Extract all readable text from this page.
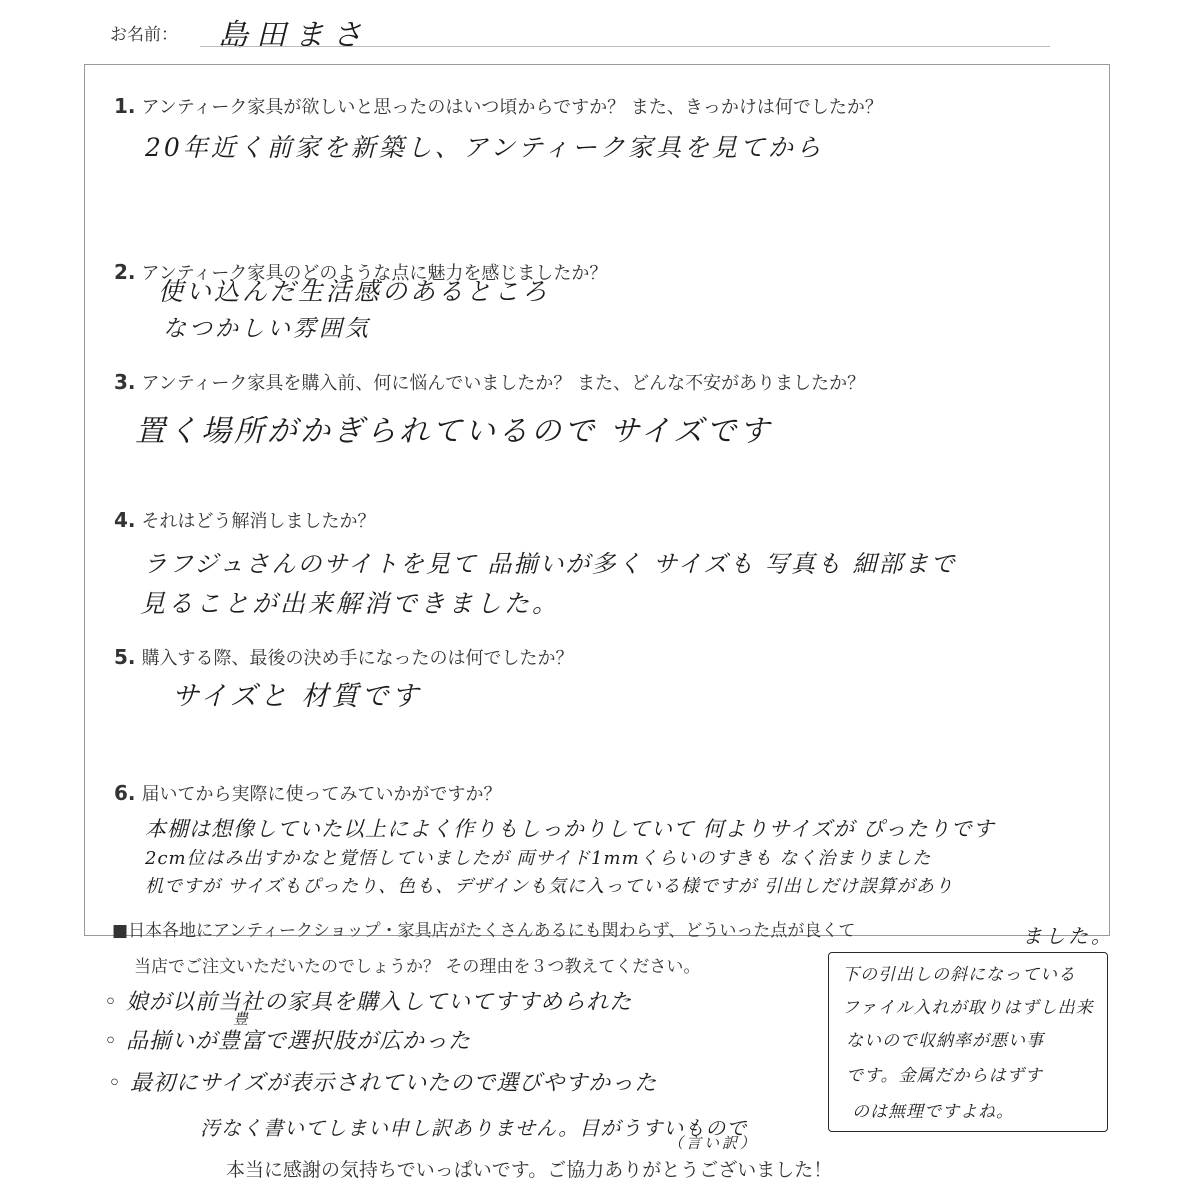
お名前： 島田まさ
1. アンティーク家具が欲しいと思ったのはいつ頃からですか？ また、きっかけは何でしたか？
20年近く前家を新築し、アンティーク家具を見てから
2. アンティーク家具のどのような点に魅力を感じましたか？
使い込んだ生活感のあるところ
なつかしい雰囲気
3. アンティーク家具を購入前、何に悩んでいましたか？ また、どんな不安がありましたか？
置く場所がかぎられているので サイズです
4. それはどう解消しましたか？
ラフジュさんのサイトを見て 品揃いが多く サイズも 写真も 細部まで
見ることが出来解消できました。
5. 購入する際、最後の決め手になったのは何でしたか？
サイズと 材質です
6. 届いてから実際に使ってみていかがですか？
本棚は想像していた以上によく作りもしっかりしていて 何よりサイズが ぴったりです
2cm位はみ出すかなと覚悟していましたが 両サイド1mmくらいのすきも なく治まりました
机ですが サイズもぴったり、色も、デザインも気に入っている様ですが 引出しだけ誤算があり
ました。
■日本各地にアンティークショップ・家具店がたくさんあるにも関わらず、どういった点が良くて
当店でご注文いただいたのでしょうか？ その理由を３つ教えてください。
◦ 娘が以前当社の家具を購入していてすすめられた
豊
◦ 品揃いが豊富で選択肢が広かった
◦ 最初にサイズが表示されていたので選びやすかった
汚なく書いてしまい申し訳ありません。目がうすいもので
（言い訳）
下の引出しの斜になっている
ファイル入れが取りはずし出来
ないので収納率が悪い事
です。金属だからはずす
のは無理ですよね。
本当に感謝の気持ちでいっぱいです。ご協力ありがとうございました！
